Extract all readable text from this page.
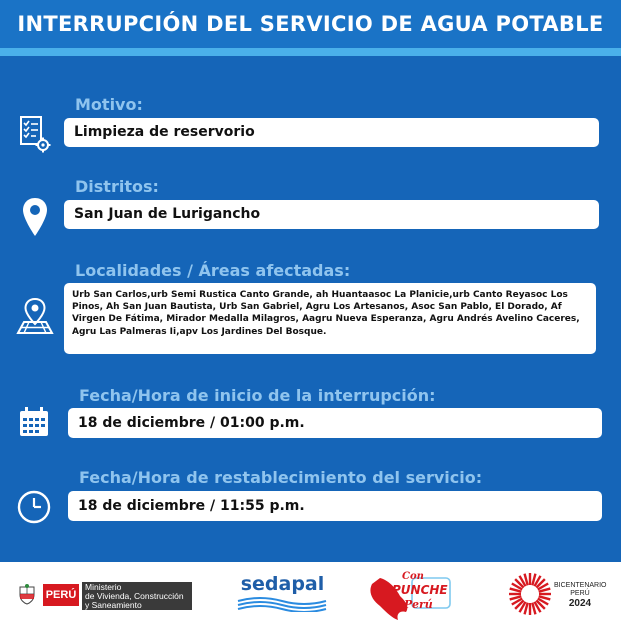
INTERRUPCIÓN DEL SERVICIO DE AGUA POTABLE
Motivo:
Limpieza de reservorio
Distritos:
San Juan de Lurigancho
Localidades / Áreas afectadas:
Urb San Carlos,urb Semi Rustica Canto Grande, ah Huantaasoc La Planicie,urb Canto Reyasoc Los Pinos, Ah San Juan Bautista, Urb San Gabriel, Agru Los Artesanos, Asoc San Pablo, El Dorado, Af Virgen De Fátima, Mirador Medalla Milagros, Aagru Nueva Esperanza, Agru Andrés Avelino Caceres, Agru Las Palmeras Ii,apv Los Jardines Del Bosque.
Fecha/Hora de inicio de la interrupción:
18 de diciembre / 01:00 p.m.
Fecha/Hora de restablecimiento del servicio:
18 de diciembre / 11:55 p.m.
PERÚ
Ministerio
de Vivienda, Construcción
y Saneamiento
sedapal	Con
PUNCHE
Perú
BICENTENARIO
PERÚ
2024
